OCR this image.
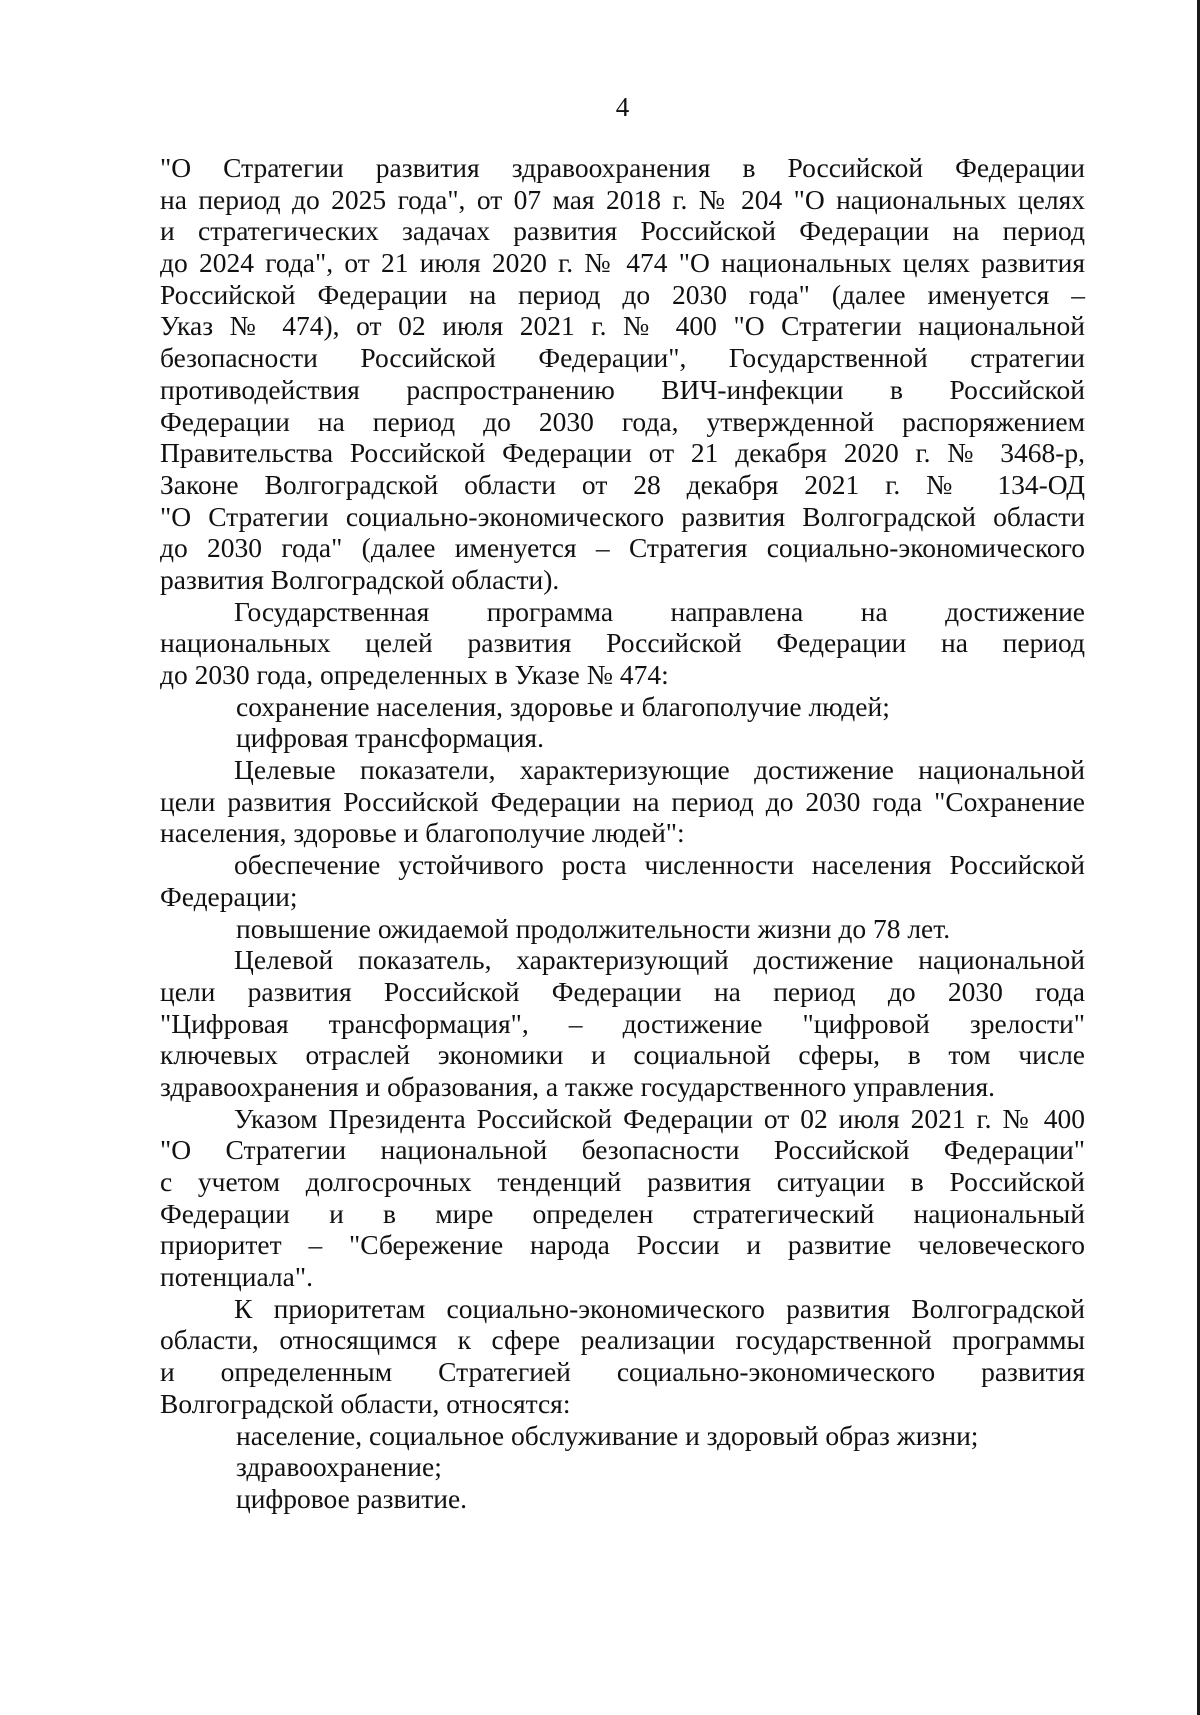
4
"О Стратегии развития здравоохранения в Российской Федерации
на период до 2025 года", от 07 мая 2018 г. № 204 "О национальных целях
и стратегических задачах развития Российской Федерации на период
до 2024 года", от 21 июля 2020 г. № 474 "О национальных целях развития
Российской Федерации на период до 2030 года" (далее именуется –
Указ № 474), от 02 июля 2021 г. № 400 "О Стратегии национальной
безопасности Российской Федерации", Государственной стратегии
противодействия распространению ВИЧ-инфекции в Российской
Федерации на период до 2030 года, утвержденной распоряжением
Правительства Российской Федерации от 21 декабря 2020 г. № 3468-р,
Законе Волгоградской области от 28 декабря 2021 г. № 134-ОД
"О Стратегии социально-экономического развития Волгоградской области
до 2030 года" (далее именуется – Стратегия социально-экономического
развития Волгоградской области).
Государственная программа направлена на достижение
национальных целей развития Российской Федерации на период
до 2030 года, определенных в Указе № 474:
сохранение населения, здоровье и благополучие людей;
цифровая трансформация.
Целевые показатели, характеризующие достижение национальной
цели развития Российской Федерации на период до 2030 года "Сохранение
населения, здоровье и благополучие людей":
обеспечение устойчивого роста численности населения Российской
Федерации;
повышение ожидаемой продолжительности жизни до 78 лет.
Целевой показатель, характеризующий достижение национальной
цели развития Российской Федерации на период до 2030 года
"Цифровая трансформация", – достижение "цифровой зрелости"
ключевых отраслей экономики и социальной сферы, в том числе
здравоохранения и образования, а также государственного управления.
Указом Президента Российской Федерации от 02 июля 2021 г. № 400
"О Стратегии национальной безопасности Российской Федерации"
с учетом долгосрочных тенденций развития ситуации в Российской
Федерации и в мире определен стратегический национальный
приоритет – "Сбережение народа России и развитие человеческого
потенциала".
К приоритетам социально-экономического развития Волгоградской
области, относящимся к сфере реализации государственной программы
и определенным Стратегией социально-экономического развития
Волгоградской области, относятся:
население, социальное обслуживание и здоровый образ жизни;
здравоохранение;
цифровое развитие.
